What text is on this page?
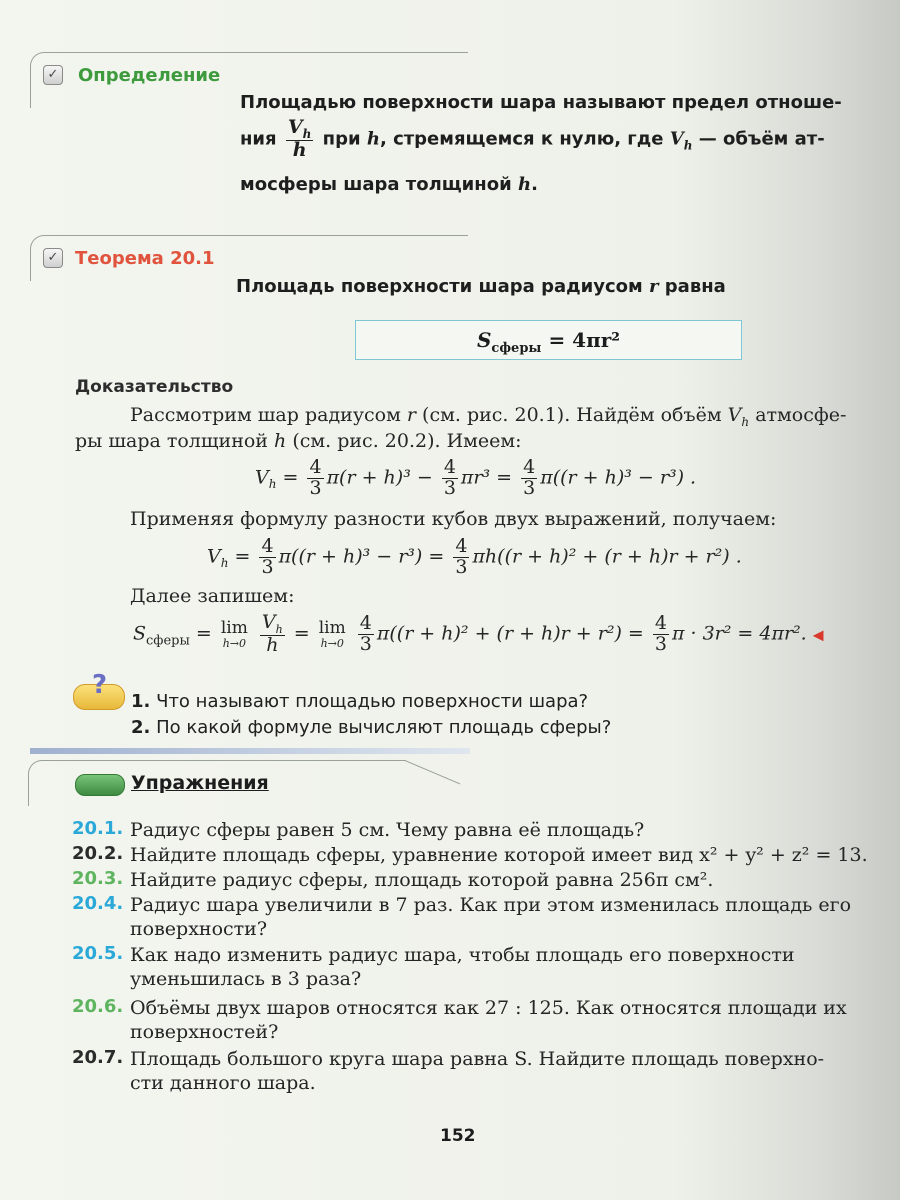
✓ Определение
Площадью поверхности шара называют предел отноше-
ния $\frac{V_h}{h}$ при h, стремящемся к нулю, где $V_h$ — объём ат-
мосферы шара толщиной h.
✓ Теорема 20.1
Площадь поверхности шара радиусом r равна
$S_{сферы} = 4\pi r^2$
Доказательство
Рассмотрим шар радиусом r (см. рис. 20.1). Найдём объём $V_h$ атмосфе-
ры шара толщиной h (см. рис. 20.2). Имеем:
$V_h = \frac{4}{3} \pi(r + h)^3 - \frac{4}{3} \pi r^3 = \frac{4}{3} \pi((r + h)^3 - r^3)$ .
Применяя формулу разности кубов двух выражений, получаем:
$V_h = \frac{4}{3} \pi((r + h)^3 - r^3) = \frac{4}{3} \pi h((r + h)^2 + (r + h)r + r^2)$ .
Далее запишем:
$S_{сферы} = \lim$
h→0
$\frac{V_h}{h} = \lim$
h→0
$\frac{4}{3} \pi((r + h)^2 + (r + h)r + r^2) = \frac{4}{3}$ π · 3r² = 4πr². ◀
?
1. Что называют площадью поверхности шара?
2. По какой формуле вычисляют площадь сферы?
Упражнения
20.1. Радиус сферы равен 5 см. Чему равна её площадь?
20.2. Найдите площадь сферы, уравнение которой имеет вид x² + y² + z² = 13.
20.3. Найдите радиус сферы, площадь которой равна 256π см².
20.4. Радиус шара увеличили в 7 раз. Как при этом изменилась площадь его
поверхности?
20.5. Как надо изменить радиус шара, чтобы площадь его поверхности
уменьшилась в 3 раза?
20.6. Объёмы двух шаров относятся как 27 : 125. Как относятся площади их
поверхностей?
20.7. Площадь большого круга шара равна S. Найдите площадь поверхно-
сти данного шара.
152
